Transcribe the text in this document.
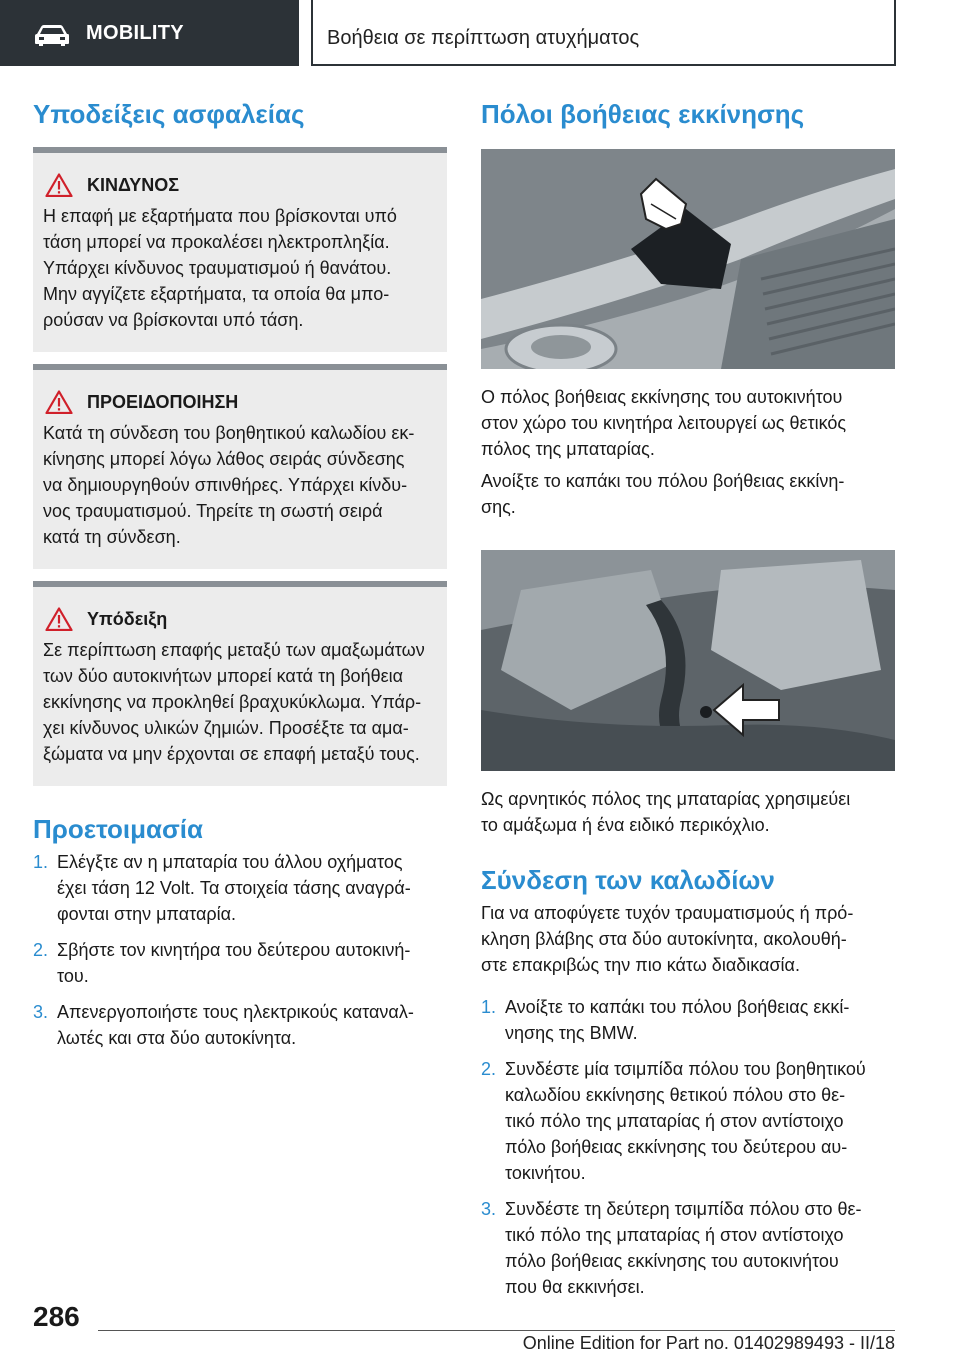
MOBILITY	Βοήθεια σε περίπτωση ατυχήματος
Υποδείξεις ασφαλείας
ΚΙΝΔΥΝΟΣ
Η επαφή με εξαρτήματα που βρίσκονται υπό
τάση μπορεί να προκαλέσει ηλεκτροπληξία.
Υπάρχει κίνδυνος τραυματισμού ή θανάτου.
Μην αγγίζετε εξαρτήματα, τα οποία θα μπο-
ρούσαν να βρίσκονται υπό τάση.
ΠΡΟΕΙΔΟΠΟΙΗΣΗ
Κατά τη σύνδεση του βοηθητικού καλωδίου εκ-
κίνησης μπορεί λόγω λάθος σειράς σύνδεσης
να δημιουργηθούν σπινθήρες. Υπάρχει κίνδυ-
νος τραυματισμού. Τηρείτε τη σωστή σειρά
κατά τη σύνδεση.
Υπόδειξη
Σε περίπτωση επαφής μεταξύ των αμαξωμάτων
των δύο αυτοκινήτων μπορεί κατά τη βοήθεια
εκκίνησης να προκληθεί βραχυκύκλωμα. Υπάρ-
χει κίνδυνος υλικών ζημιών. Προσέξτε τα αμα-
ξώματα να μην έρχονται σε επαφή μεταξύ τους.
Προετοιμασία
1. Ελέγξτε αν η μπαταρία του άλλου οχήματος
έχει τάση 12 Volt. Τα στοιχεία τάσης αναγρά-
φονται στην μπαταρία.
2. Σβήστε τον κινητήρα του δεύτερου αυτοκινή-
του.
3. Απενεργοποιήστε τους ηλεκτρικούς καταναλ-
λωτές και στα δύο αυτοκίνητα.
Πόλοι βοήθειας εκκίνησης
Ο πόλος βοήθειας εκκίνησης του αυτοκινήτου
στον χώρο του κινητήρα λειτουργεί ως θετικός
πόλος της μπαταρίας.
Ανοίξτε το καπάκι του πόλου βοήθειας εκκίνη-
σης.
Ως αρνητικός πόλος της μπαταρίας χρησιμεύει
το αμάξωμα ή ένα ειδικό περικόχλιο.
Σύνδεση των καλωδίων
Για να αποφύγετε τυχόν τραυματισμούς ή πρό-
κληση βλάβης στα δύο αυτοκίνητα, ακολουθή-
στε επακριβώς την πιο κάτω διαδικασία.
1. Ανοίξτε το καπάκι του πόλου βοήθειας εκκί-
νησης της BMW.
2. Συνδέστε μία τσιμπίδα πόλου του βοηθητικού
καλωδίου εκκίνησης θετικού πόλου στο θε-
τικό πόλο της μπαταρίας ή στον αντίστοιχο
πόλο βοήθειας εκκίνησης του δεύτερου αυ-
τοκινήτου.
3. Συνδέστε τη δεύτερη τσιμπίδα πόλου στο θε-
τικό πόλο της μπαταρίας ή στον αντίστοιχο
πόλο βοήθειας εκκίνησης του αυτοκινήτου
που θα εκκινήσει.
286
Online Edition for Part no. 01402989493 - II/18
